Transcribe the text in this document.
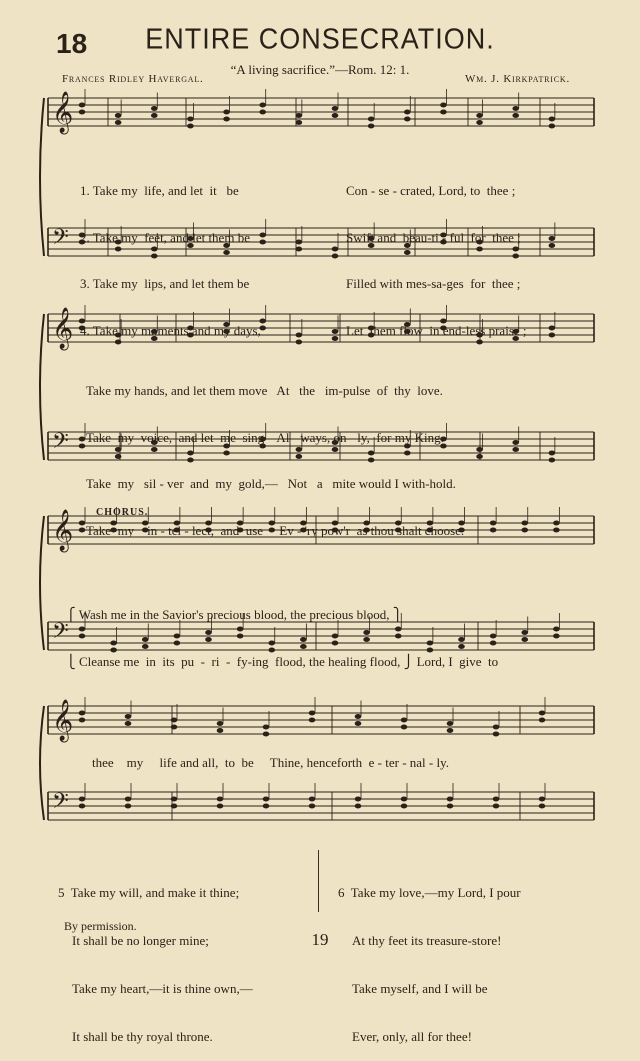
18	ENTIRE CONSECRATION.
“A living sacrifice.”—Rom. 12: 1.
Frances Ridley Havergal.	Wm. J. Kirkpatrick.
𝄞
𝄢
𝄞
𝄢
𝄞
𝄢
𝄞
𝄢

1. Take my  life, and let  it   be

2. Take my  feet, and let them be

3. Take my  lips, and let them be

4. Take my moments and my days,

Con - se - crated, Lord, to  thee ;

Swift and  beau-ti - ful  for  thee ;

Filled with mes-sa-ges  for  thee ;

Let  them flow  in end-less praise ;

Take my hands, and let them move   At   the   im-pulse  of  thy  love.

Take  my  voice,  and let  me  sing    Al - ways, on - ly,  for my King.

Take  my   sil - ver  and  my  gold,—   Not   a   mite would I with-hold.

Take  my    in - tel - lect,  and  use     Ev - 'ry pow'r  as thou shalt choose.

CHORUS.

⎧ Wash me in the Savior's precious blood, the precious blood, ⎫

⎩ Cleanse me  in  its  pu  -  ri  -  fy-ing  flood, the healing flood, ⎭ Lord, I  give  to

thee    my     life and all,  to  be     Thine, henceforth  e - ter - nal - ly.

5  Take my will, and make it thine;

It shall be no longer mine;

Take my heart,—it is thine own,—

It shall be thy royal throne.

6  Take my love,—my Lord, I pour

At thy feet its treasure-store!

Take myself, and I will be

Ever, only, all for thee!

By permission.
19
